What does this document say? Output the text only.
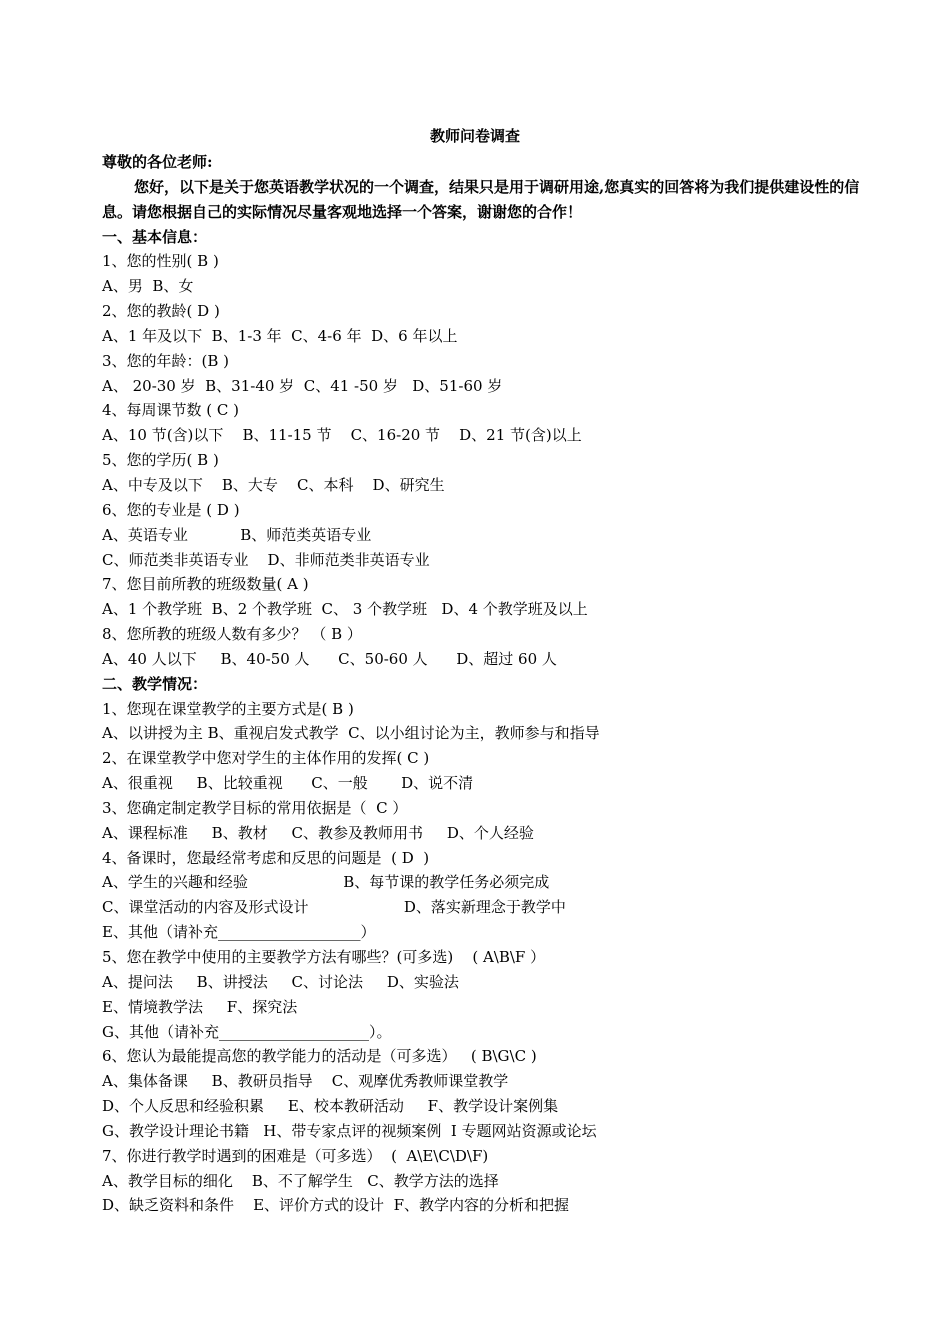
教师问卷调查
尊敬的各位老师:
您好，以下是关于您英语教学状况的一个调查，结果只是用于调研用途,您真实的回答将为我们提供建设性的信息。请您根据自己的实际情况尽量客观地选择一个答案，谢谢您的合作！
一、基本信息：
1、您的性别( B )
A、男  B、女
2、您的教龄( D )
A、1 年及以下  B、1-3 年  C、4-6 年  D、6 年以上
3、您的年龄：(B )
A、 20-30 岁  B、31-40 岁  C、41 -50 岁   D、51-60 岁
4、每周课节数 ( C )
A、10 节(含)以下    B、11-15 节    C、16-20 节    D、21 节(含)以上
5、您的学历( B )
A、中专及以下    B、大专    C、本科    D、研究生
6、您的专业是 ( D )
A、英语专业           B、师范类英语专业
C、师范类非英语专业    D、非师范类非英语专业
7、您目前所教的班级数量( A )
A、1 个教学班  B、2 个教学班  C、 3 个教学班   D、4 个教学班及以上
8、您所教的班级人数有多少？ （ B ）
A、40 人以下     B、40-50 人      C、50-60 人      D、超过 60 人
二、教学情况：
1、您现在课堂教学的主要方式是( B )
A、以讲授为主 B、重视启发式教学  C、以小组讨论为主，教师参与和指导
2、在课堂教学中您对学生的主体作用的发挥( C )
A、很重视     B、比较重视      C、一般       D、说不清
3、您确定制定教学目标的常用依据是（  C ）
A、课程标准     B、教材     C、教参及教师用书     D、个人经验
4、备课时，您最经常考虑和反思的问题是  ( D  )
A、学生的兴趣和经验                    B、每节课的教学任务必须完成
C、课堂活动的内容及形式设计                    D、落实新理念于教学中
E、其他（请补充___________________）
5、您在教学中使用的主要教学方法有哪些？(可多选)    ( A\B\F ）
A、提问法     B、讲授法     C、讨论法     D、实验法
E、情境教学法     F、探究法
G、其他（请补充____________________）。
6、您认为最能提高您的教学能力的活动是（可多选）   ( B\G\C )
A、集体备课     B、教研员指导    C、观摩优秀教师课堂教学
D、个人反思和经验积累     E、校本教研活动     F、教学设计案例集
G、教学设计理论书籍   H、带专家点评的视频案例  I 专题网站资源或论坛
7、你进行教学时遇到的困难是（可多选）  (  A\E\C\D\F)
A、教学目标的细化    B、不了解学生   C、教学方法的选择
D、缺乏资料和条件    E、评价方式的设计  F、教学内容的分析和把握
